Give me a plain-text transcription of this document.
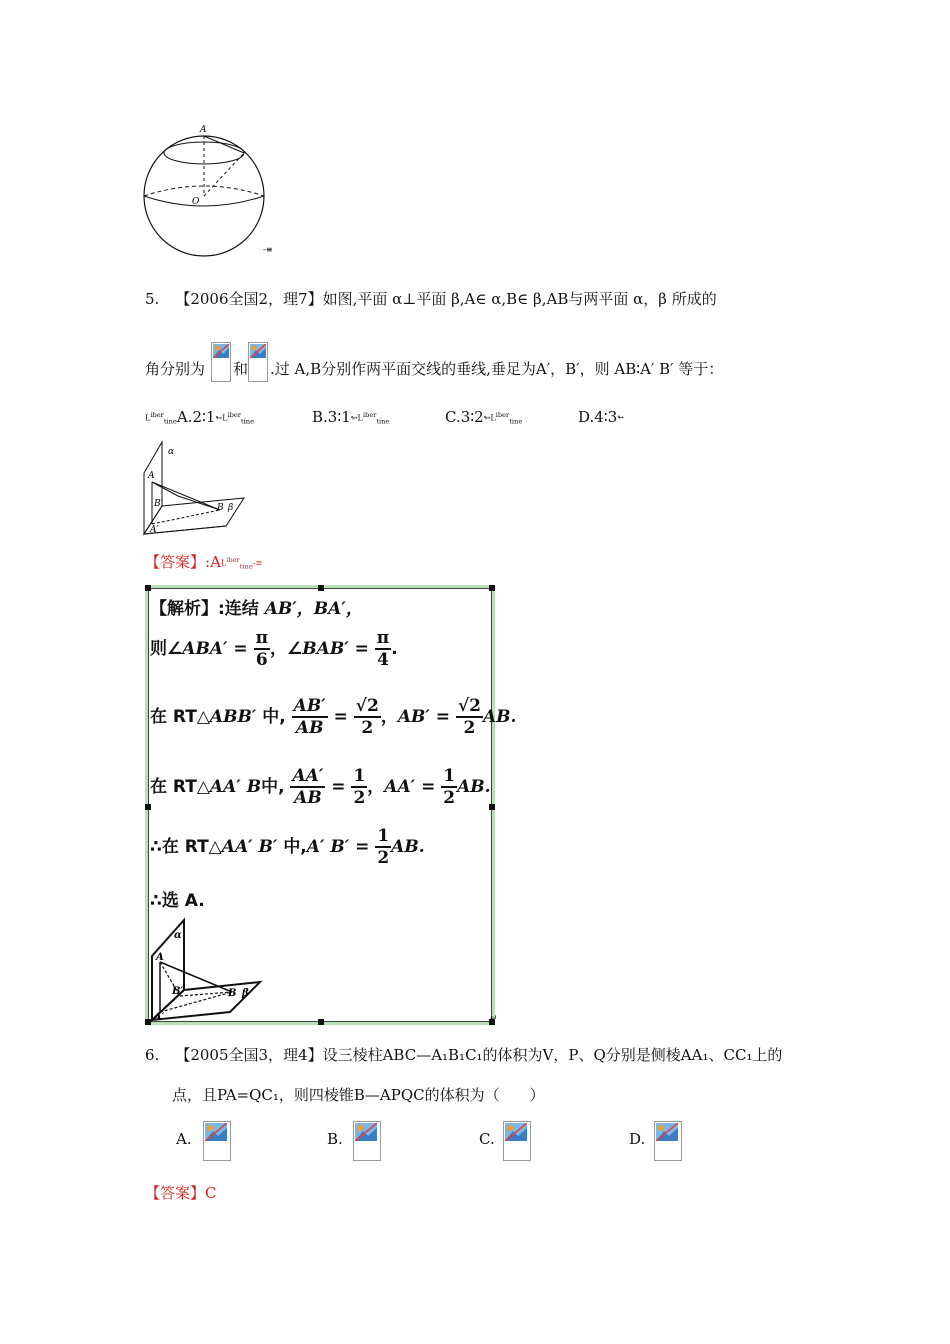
A
O
-≡
5. 【2006全国2，理7】如图,平面 α⊥平面 β,A∈ α,B∈ β,AB与两平面 α，β 所成的
角分别为 和 .过 A,B分别作两平面交线的垂线,垂足为A′，B′，则 AB∶A′ B′ 等于：
$L^{iber}_{tine}A.2∶1↬L^{iber}_{tine}$	$B.3∶1↬L^{iber}_{tine}$	$C.3∶2↬L^{iber}_{tine}$	D.4∶3↬
α
A
B′	B β
A′
【答案】$:AL^{iber}_{tine}-\equiv$
【解析】:连结 AB′，BA′，
则∠ABA′ = $\frac{\pi}{6}$ ，∠BAB′ = $\frac{\pi}{4}$ .
在 RT△ABB′ 中, $\frac{AB'}{AB} = \frac{√2}{2}$ ，$AB' = \frac{√2}{2}$ AB.
在 RT△AA′ B中, $\frac{AA'}{AB} = \frac{1}{2}$ ，$AA' = \frac{1}{2}$ AB.
∴在 RT△AA′ B′ 中,A′ $B' = \frac{1}{2}$ AB.
∴选 A.
α
A
B′	B β
A′	↵
6. 【2005全国3，理4】设三棱柱ABC—A₁B₁C₁的体积为V，P、Q分别是侧棱AA₁、CC₁上的
点，且PA=QC₁，则四棱锥B—APQC的体积为（　　）
A.	B.	C.	D.
【答案】C
